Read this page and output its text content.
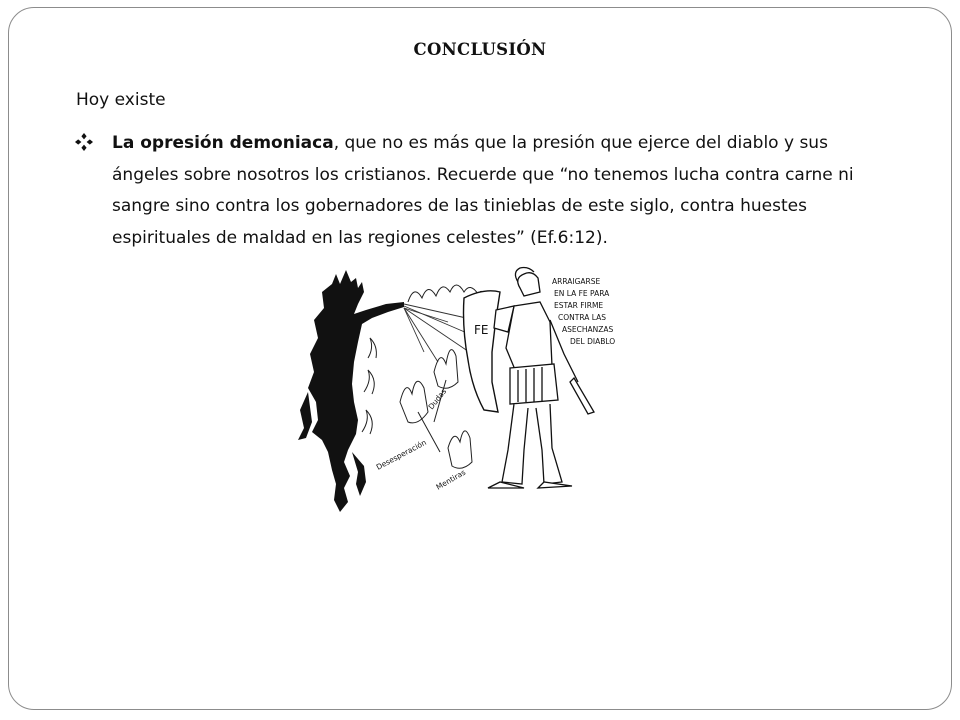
CONCLUSIÓN
Hoy existe
La opresión demoniaca, que no es más que la presión que ejerce del diablo y sus ángeles sobre nosotros los cristianos. Recuerde que “no tenemos lucha contra carne ni sangre sino contra los gobernadores de las tinieblas de este siglo, contra huestes espirituales de maldad en las regiones celestes” (Ef.6:12).
Dudas
Desesperación
Mentiras
FE
ARRAIGARSE
EN LA FE PARA
ESTAR FIRME
CONTRA LAS
ASECHANZAS
DEL DIABLO
